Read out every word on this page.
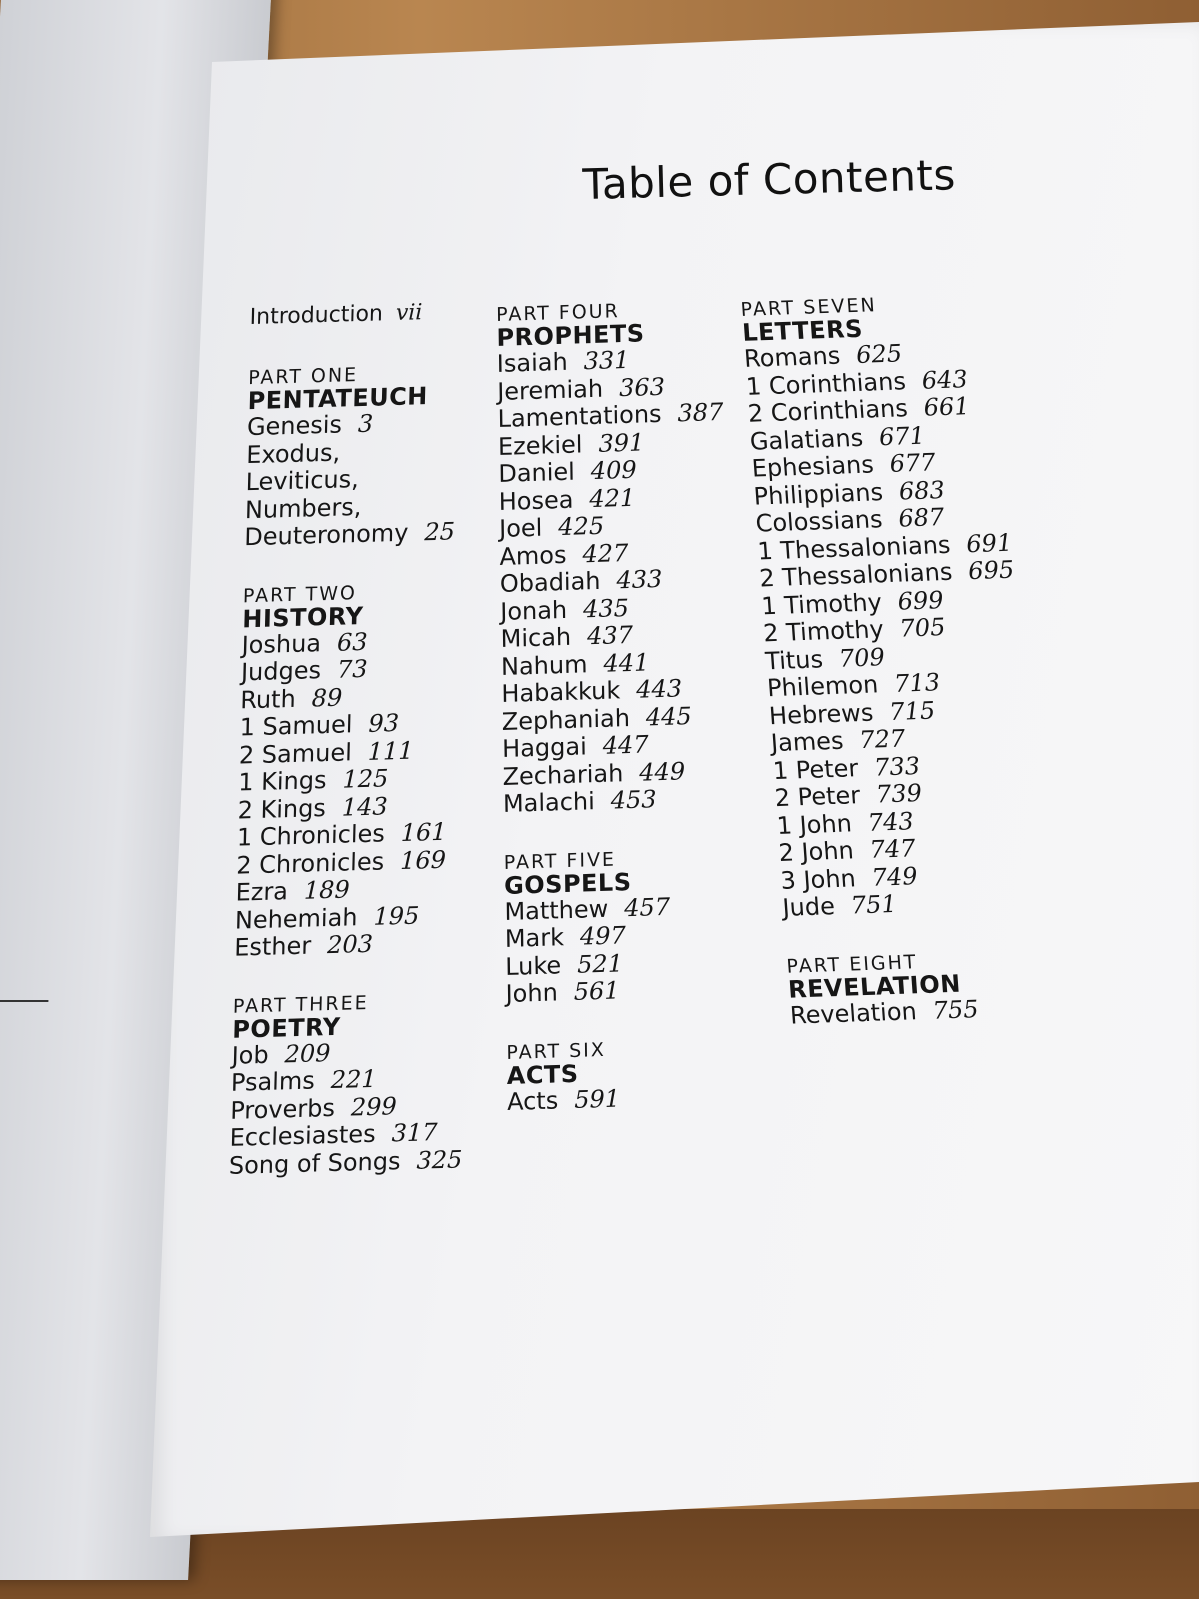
Table of Contents
Introduction vii
PART ONE
PENTATEUCH
Genesis 3
Exodus,
Leviticus,
Numbers,
Deuteronomy 25
PART TWO
HISTORY
Joshua 63
Judges 73
Ruth 89
1 Samuel 93
2 Samuel 111
1 Kings 125
2 Kings 143
1 Chronicles 161
2 Chronicles 169
Ezra 189
Nehemiah 195
Esther 203
PART THREE
POETRY
Job 209
Psalms 221
Proverbs 299
Ecclesiastes 317
Song of Songs 325
PART FOUR
PROPHETS
Isaiah 331
Jeremiah 363
Lamentations 387
Ezekiel 391
Daniel 409
Hosea 421
Joel 425
Amos 427
Obadiah 433
Jonah 435
Micah 437
Nahum 441
Habakkuk 443
Zephaniah 445
Haggai 447
Zechariah 449
Malachi 453
PART FIVE
GOSPELS
Matthew 457
Mark 497
Luke 521
John 561
PART SIX
ACTS
Acts 591
PART SEVEN
LETTERS
Romans 625
1 Corinthians 643
2 Corinthians 661
Galatians 671
Ephesians 677
Philippians 683
Colossians 687
1 Thessalonians 691
2 Thessalonians 695
1 Timothy 699
2 Timothy 705
Titus 709
Philemon 713
Hebrews 715
James 727
1 Peter 733
2 Peter 739
1 John 743
2 John 747
3 John 749
Jude 751
PART EIGHT
REVELATION
Revelation 755
